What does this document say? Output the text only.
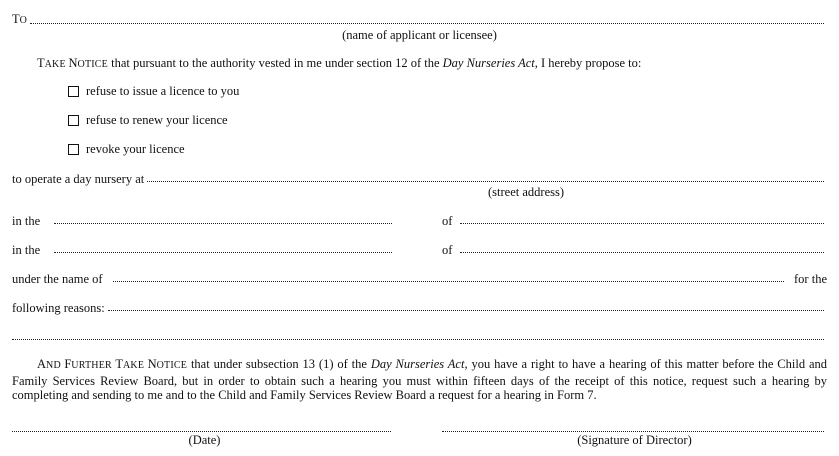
TO
(name of applicant or licensee)
TAKE NOTICE that pursuant to the authority vested in me under section 12 of the Day Nurseries Act, I hereby propose to:
refuse to issue a licence to you
refuse to renew your licence
revoke your licence
to operate a day nursery at
(street address)
in the	of
in the	of
under the name of	for the
following reasons:
AND FURTHER TAKE NOTICE that under subsection 13 (1) of the Day Nurseries Act, you have a right to have a hearing of this matter before the Child and Family Services Review Board, but in order to obtain such a hearing you must within fifteen days of the receipt of this notice, request such a hearing by completing and sending to me and to the Child and Family Services Review Board a request for a hearing in Form 7.
(Date)	(Signature of Director)
